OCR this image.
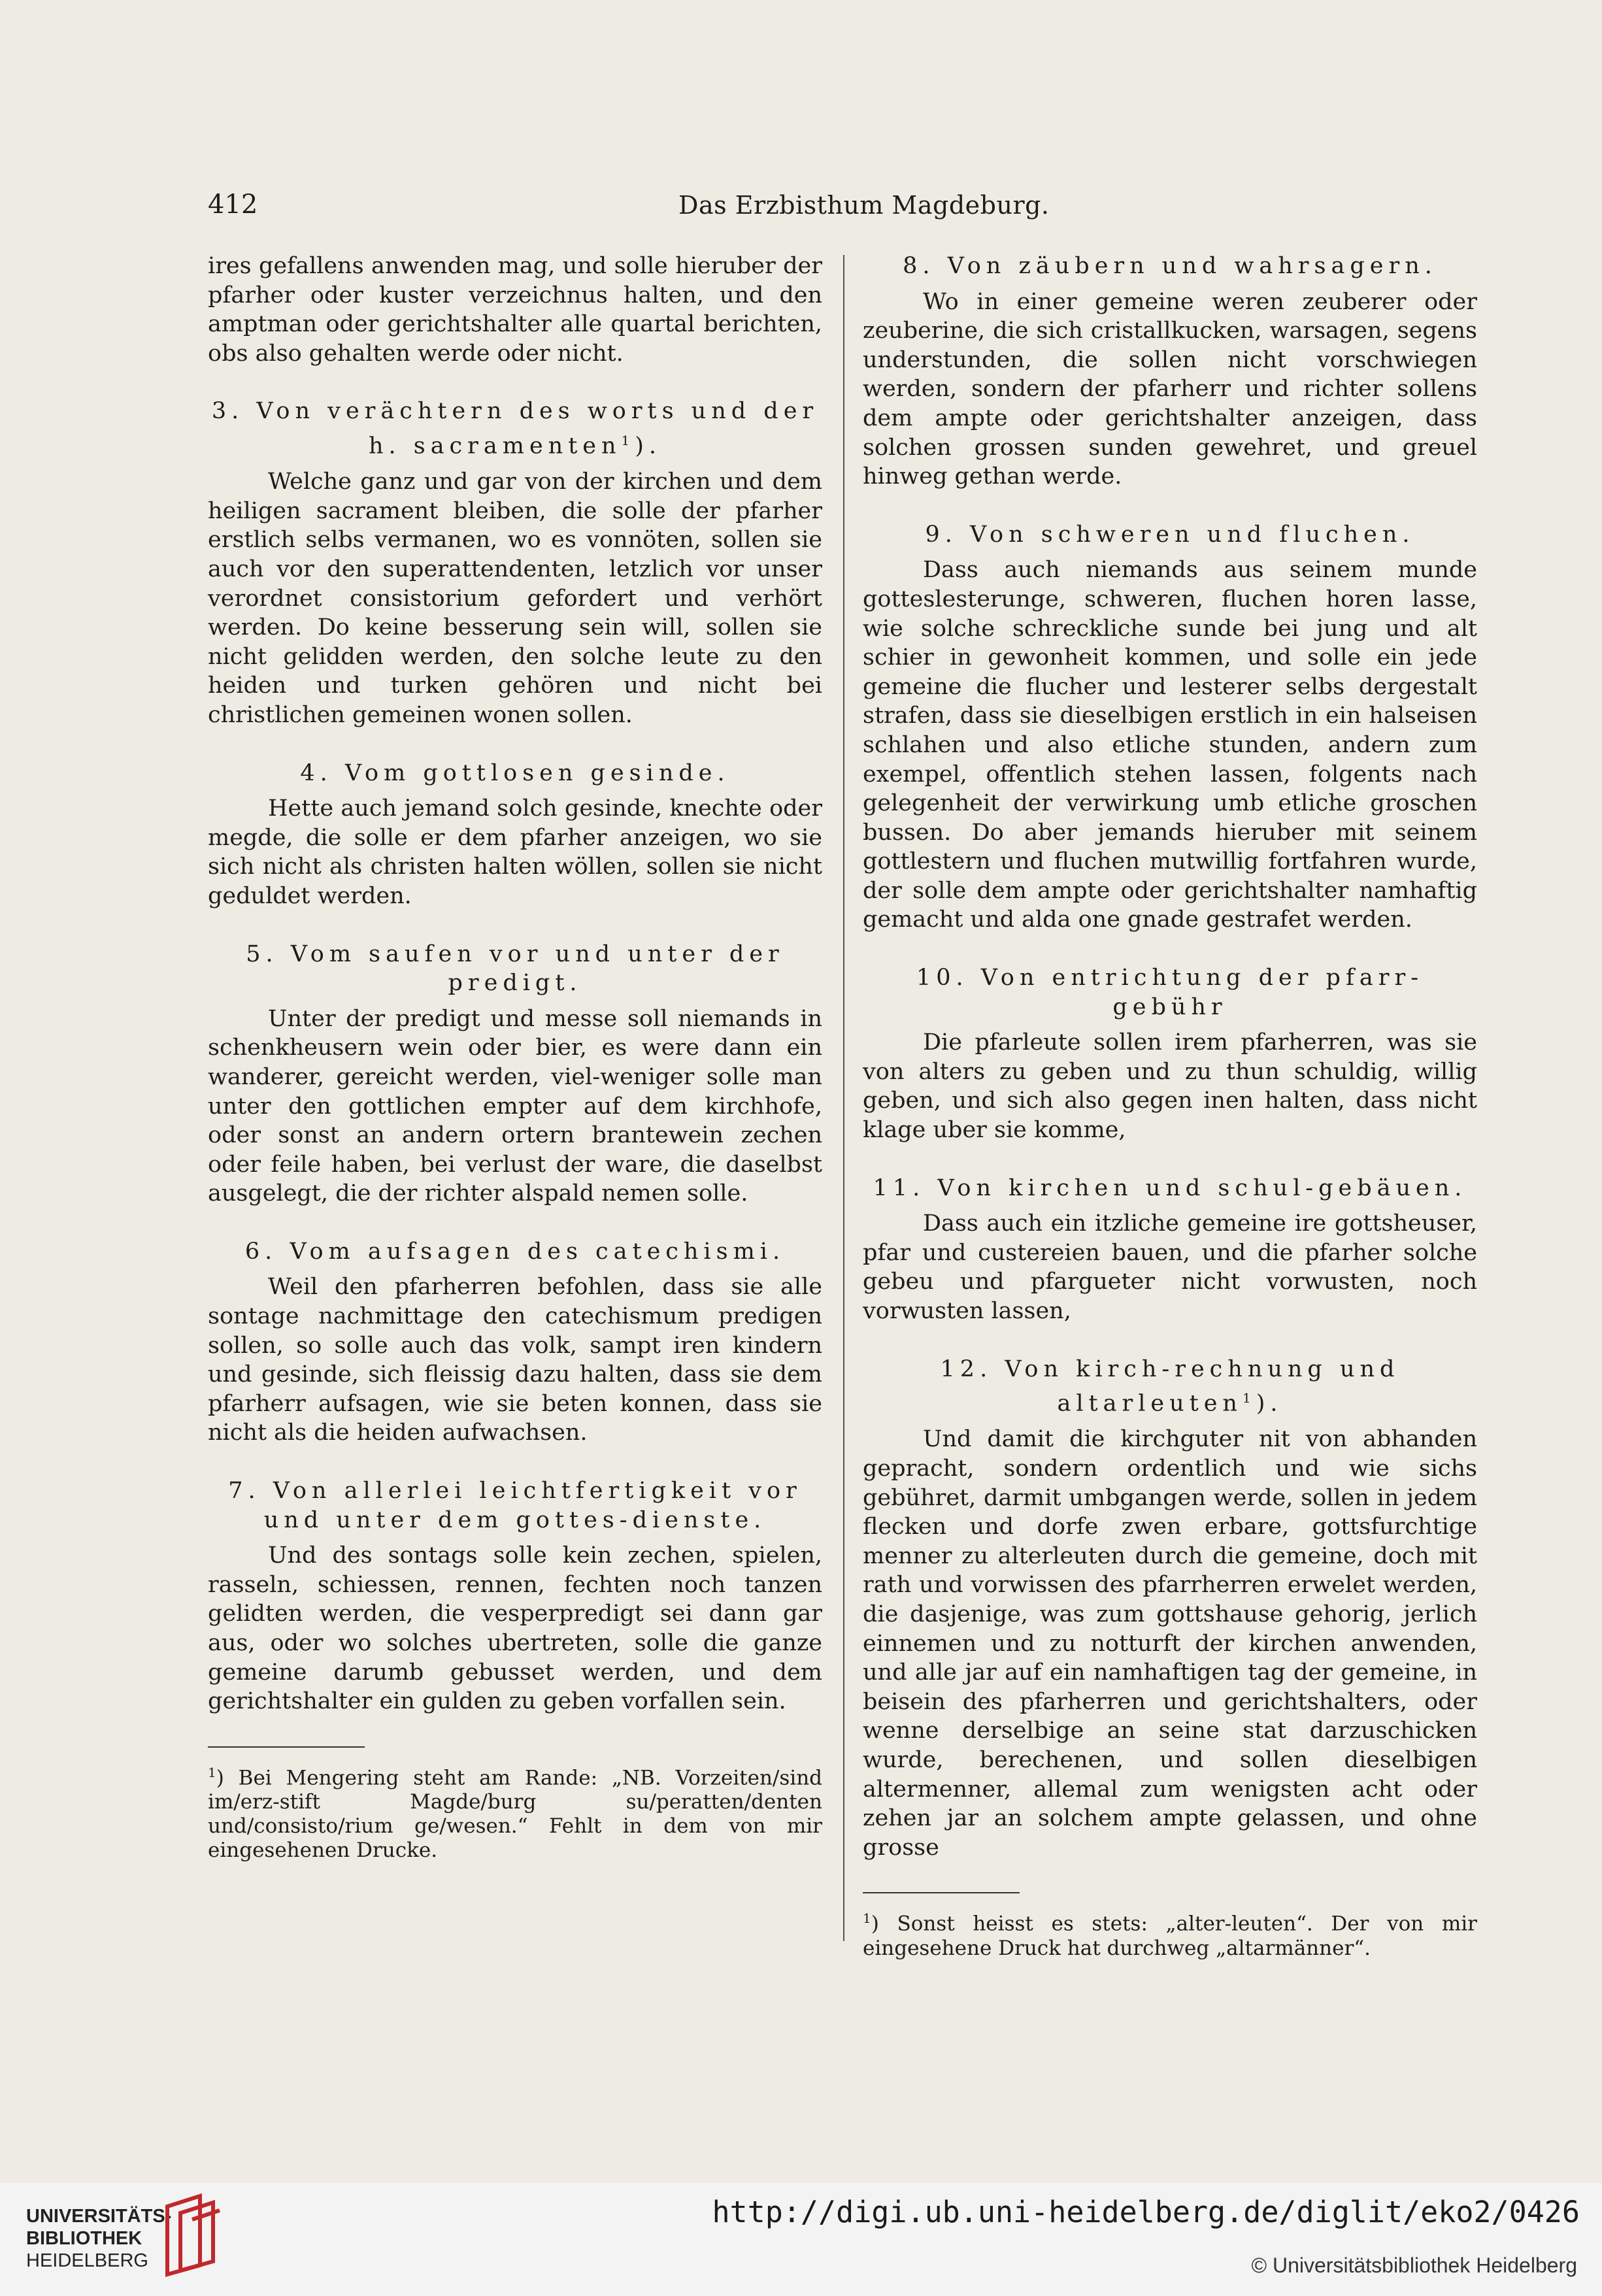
412	Das Erzbisthum Magdeburg.

ires gefallens anwenden mag, und solle hieruber der pfarher oder kuster verzeichnus halten, und den amptman oder gerichtshalter alle quartal berichten, obs also gehalten werde oder nicht.

3. Von verächtern des worts und der h. sacramenten$^1$).

Welche ganz und gar von der kirchen und dem heiligen sacrament bleiben, die solle der pfarher erstlich selbs vermanen, wo es vonnöten, sollen sie auch vor den superattendenten, letzlich vor unser verordnet consistorium gefordert und verhört werden. Do keine besserung sein will, sollen sie nicht gelidden werden, den solche leute zu den heiden und turken gehören und nicht bei christlichen gemeinen wonen sollen.

4. Vom gottlosen gesinde.

Hette auch jemand solch gesinde, knechte oder megde, die solle er dem pfarher anzeigen, wo sie sich nicht als christen halten wöllen, sollen sie nicht geduldet werden.

5. Vom saufen vor und unter der predigt.

Unter der predigt und messe soll niemands in schenkheusern wein oder bier, es were dann ein wanderer, gereicht werden, viel-weniger solle man unter den gottlichen empter auf dem kirchhofe, oder sonst an andern ortern brantewein zechen oder feile haben, bei verlust der ware, die daselbst ausgelegt, die der richter alspald nemen solle.

6. Vom aufsagen des catechismi.

Weil den pfarherren befohlen, dass sie alle sontage nachmittage den catechismum predigen sollen, so solle auch das volk, sampt iren kindern und gesinde, sich fleissig dazu halten, dass sie dem pfarherr aufsagen, wie sie beten konnen, dass sie nicht als die heiden aufwachsen.

7. Von allerlei leichtfertigkeit vor und unter dem gottes-dienste.

Und des sontags solle kein zechen, spielen, rasseln, schiessen, rennen, fechten noch tanzen gelidten werden, die vesperpredigt sei dann gar aus, oder wo solches ubertreten, solle die ganze gemeine darumb gebusset werden, und dem gerichtshalter ein gulden zu geben vorfallen sein.

$^1$) Bei Mengering steht am Rande: „NB. Vorzeiten/sind im/erz-stift Magde/burg su/peratten/denten und/consisto/rium ge/wesen.“ Fehlt in dem von mir eingesehenen Drucke.
8. Von zäubern und wahrsagern.

Wo in einer gemeine weren zeuberer oder zeuberine, die sich cristallkucken, warsagen, segens understunden, die sollen nicht vorschwiegen werden, sondern der pfarherr und richter sollens dem ampte oder gerichtshalter anzeigen, dass solchen grossen sunden gewehret, und greuel hinweg gethan werde.

9. Von schweren und fluchen.

Dass auch niemands aus seinem munde gotteslesterunge, schweren, fluchen horen lasse, wie solche schreckliche sunde bei jung und alt schier in gewonheit kommen, und solle ein jede gemeine die flucher und lesterer selbs dergestalt strafen, dass sie dieselbigen erstlich in ein halseisen schlahen und also etliche stunden, andern zum exempel, offentlich stehen lassen, folgents nach gelegenheit der verwirkung umb etliche groschen bussen. Do aber jemands hieruber mit seinem gottlestern und fluchen mutwillig fortfahren wurde, der solle dem ampte oder gerichtshalter namhaftig gemacht und alda one gnade gestrafet werden.

10. Von entrichtung der pfarr-gebühr

Die pfarleute sollen irem pfarherren, was sie von alters zu geben und zu thun schuldig, willig geben, und sich also gegen inen halten, dass nicht klage uber sie komme,

11. Von kirchen und schul-gebäuen.

Dass auch ein itzliche gemeine ire gottsheuser, pfar und custereien bauen, und die pfarher solche gebeu und pfargueter nicht vorwusten, noch vorwusten lassen,

12. Von kirch-rechnung und altarleuten$^1$).

Und damit die kirchguter nit von abhanden gepracht, sondern ordentlich und wie sichs gebühret, darmit umbgangen werde, sollen in jedem flecken und dorfe zwen erbare, gottsfurchtige menner zu alterleuten durch die gemeine, doch mit rath und vorwissen des pfarrherren erwelet werden, die dasjenige, was zum gottshause gehorig, jerlich einnemen und zu notturft der kirchen anwenden, und alle jar auf ein namhaftigen tag der gemeine, in beisein des pfarherren und gerichtshalters, oder wenne derselbige an seine stat darzuschicken wurde, berechenen, und sollen dieselbigen altermenner, allemal zum wenigsten acht oder zehen jar an solchem ampte gelassen, und ohne grosse

$^1$) Sonst heisst es stets: „alter-leuten“. Der von mir eingesehene Druck hat durchweg „altarmänner“.
UNIVERSITÄTS-
BIBLIOTHEK
HEIDELBERG
http://digi.ub.uni-heidelberg.de/diglit/eko2/0426
© Universitätsbibliothek Heidelberg
